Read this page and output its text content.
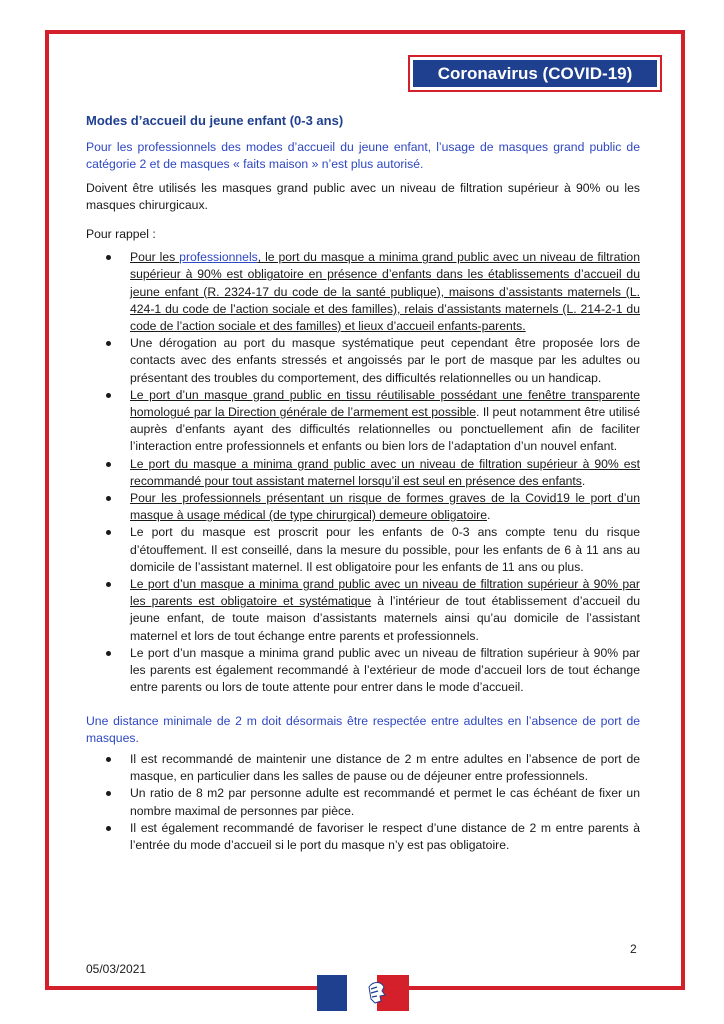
Coronavirus (COVID-19)
Modes d’accueil du jeune enfant (0-3 ans)

Pour les professionnels des modes d’accueil du jeune enfant, l’usage de masques grand public de catégorie 2 et de masques « faits maison » n’est plus autorisé.

Doivent être utilisés les masques grand public avec un niveau de filtration supérieur à 90% ou les masques chirurgicaux.

Pour rappel :

Pour les professionnels, le port du masque a minima grand public avec un niveau de filtration supérieur à 90% est obligatoire en présence d’enfants dans les établissements d’accueil du jeune enfant (R. 2324-17 du code de la santé publique), maisons d’assistants maternels (L. 424-1 du code de l’action sociale et des familles), relais d’assistants maternels (L. 214-2-1 du code de l’action sociale et des familles) et lieux d’accueil enfants-parents.
Une dérogation au port du masque systématique peut cependant être proposée lors de contacts avec des enfants stressés et angoissés par le port de masque par les adultes ou présentant des troubles du comportement, des difficultés relationnelles ou un handicap.
Le port d’un masque grand public en tissu réutilisable possédant une fenêtre transparente homologué par la Direction générale de l’armement est possible. Il peut notamment être utilisé auprès d’enfants ayant des difficultés relationnelles ou ponctuellement afin de faciliter l’interaction entre professionnels et enfants ou bien lors de l’adaptation d’un nouvel enfant.
Le port du masque a minima grand public avec un niveau de filtration supérieur à 90% est recommandé pour tout assistant maternel lorsqu’il est seul en présence des enfants.
Pour les professionnels présentant un risque de formes graves de la Covid19 le port d’un masque à usage médical (de type chirurgical) demeure obligatoire.
Le port du masque est proscrit pour les enfants de 0-3 ans compte tenu du risque d’étouffement. Il est conseillé, dans la mesure du possible, pour les enfants de 6 à 11 ans au domicile de l’assistant maternel. Il est obligatoire pour les enfants de 11 ans ou plus.
Le port d’un masque a minima grand public avec un niveau de filtration supérieur à 90% par les parents est obligatoire et systématique à l’intérieur de tout établissement d’accueil du jeune enfant, de toute maison d’assistants maternels ainsi qu’au domicile de l’assistant maternel et lors de tout échange entre parents et professionnels.
Le port d’un masque a minima grand public avec un niveau de filtration supérieur à 90% par les parents est également recommandé à l’extérieur de mode d’accueil lors de tout échange entre parents ou lors de toute attente pour entrer dans le mode d’accueil.

Une distance minimale de 2 m doit désormais être respectée entre adultes en l’absence de port de masques.

Il est recommandé de maintenir une distance de 2 m entre adultes en l’absence de port de masque, en particulier dans les salles de pause ou de déjeuner entre professionnels.
Un ratio de 8 m2 par personne adulte est recommandé et permet le cas échéant de fixer un nombre maximal de personnes par pièce.
Il est également recommandé de favoriser le respect d’une distance de 2 m entre parents à l’entrée du mode d’accueil si le port du masque n’y est pas obligatoire.
2
05/03/2021
